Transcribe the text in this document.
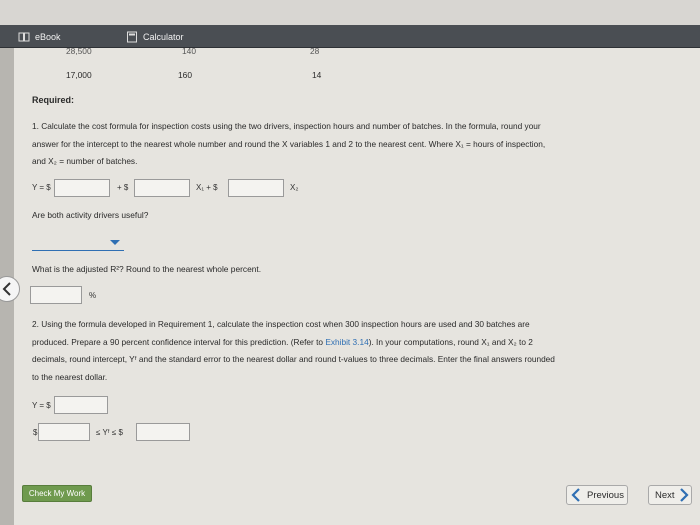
eBook	Calculator
28,500	140	28
17,000	160	14
Required:
1. Calculate the cost formula for inspection costs using the two drivers, inspection hours and number of batches. In the formula, round your
answer for the intercept to the nearest whole number and round the X variables 1 and 2 to the nearest cent. Where X₁ = hours of inspection,
and X₂ = number of batches.
Y = $	+ $	X₁ + $	X₂
Are both activity drivers useful?
What is the adjusted R²? Round to the nearest whole percent.
%
2. Using the formula developed in Requirement 1, calculate the inspection cost when 300 inspection hours are used and 30 batches are
produced. Prepare a 90 percent confidence interval for this prediction. (Refer to Exhibit 3.14). In your computations, round X₁ and X₂ to 2
decimals, round intercept, Yᶠ and the standard error to the nearest dollar and round t-values to three decimals. Enter the final answers rounded
to the nearest dollar.
Y = $
$	≤ Yᶠ ≤ $
Check My Work	Previous	Next
